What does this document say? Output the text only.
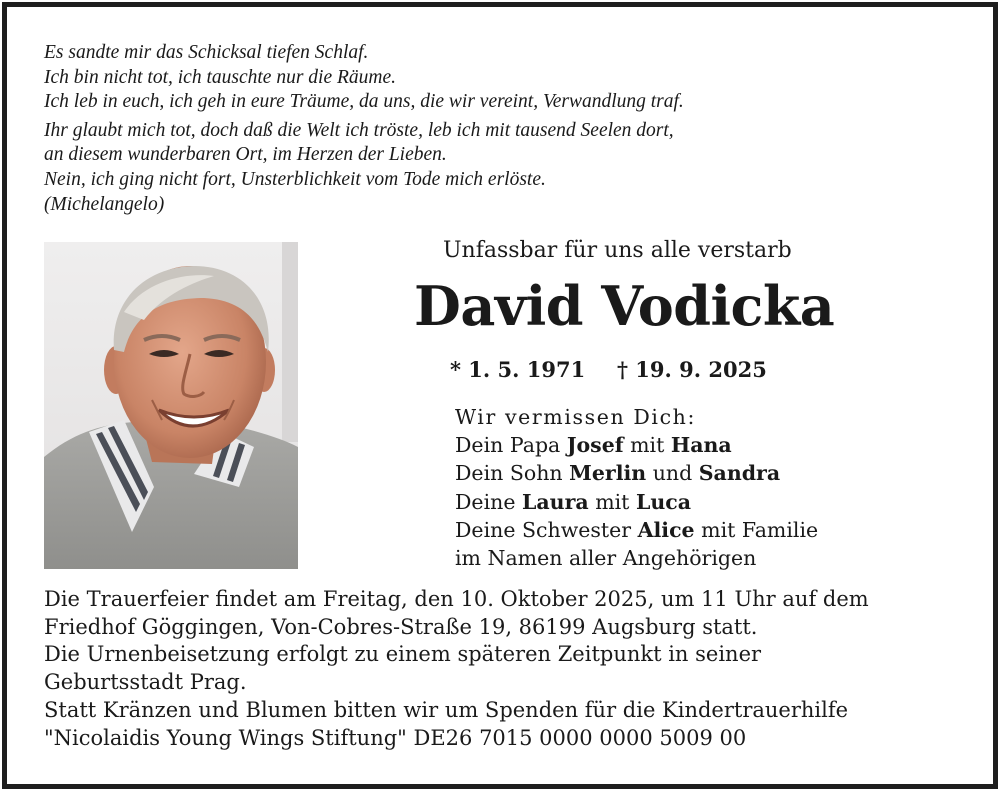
Es sandte mir das Schicksal tiefen Schlaf.
Ich bin nicht tot, ich tauschte nur die Räume.
Ich leb in euch, ich geh in eure Träume, da uns, die wir vereint, Verwandlung traf.
Ihr glaubt mich tot, doch daß die Welt ich tröste, leb ich mit tausend Seelen dort,
an diesem wunderbaren Ort, im Herzen der Lieben.
Nein, ich ging nicht fort, Unsterblichkeit vom Tode mich erlöste.
(Michelangelo)
Unfassbar für uns alle verstarb
David Vodicka
* 1. 5. 1971 † 19. 9. 2025
Wir vermissen Dich:
Dein Papa Josef mit Hana
Dein Sohn Merlin und Sandra
Deine Laura mit Luca
Deine Schwester Alice mit Familie
im Namen aller Angehörigen
Die Trauerfeier findet am Freitag, den 10. Oktober 2025, um 11 Uhr auf dem
Friedhof Göggingen, Von-Cobres-Straße 19, 86199 Augsburg statt.
Die Urnenbeisetzung erfolgt zu einem späteren Zeitpunkt in seiner
Geburtsstadt Prag.
Statt Kränzen und Blumen bitten wir um Spenden für die Kindertrauerhilfe
"Nicolaidis Young Wings Stiftung" DE26 7015 0000 0000 5009 00
